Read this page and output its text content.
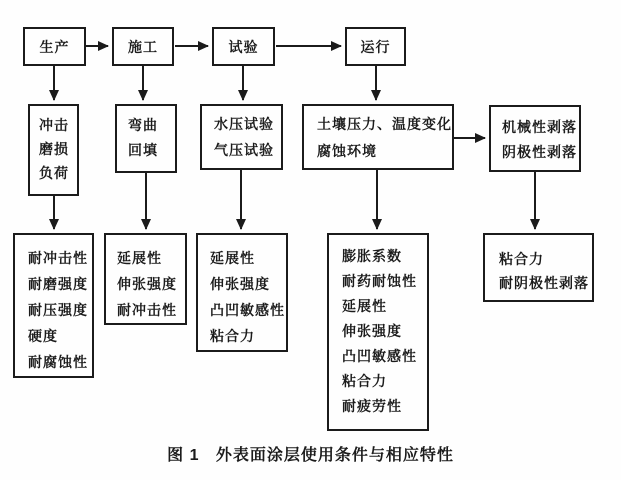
生产	施工	试验	运行
冲击
磨损
负荷
弯曲
回填
水压试验
气压试验
土壤压力、温度变化
腐蚀环境
机械性剥落
阴极性剥落
耐冲击性
耐磨强度
耐压强度
硬度
耐腐蚀性
延展性
伸张强度
耐冲击性
延展性
伸张强度
凸凹敏感性
粘合力
膨胀系数
耐药耐蚀性
延展性
伸张强度
凸凹敏感性
粘合力
耐疲劳性
粘合力
耐阴极性剥落
图 1   外表面涂层使用条件与相应特性
